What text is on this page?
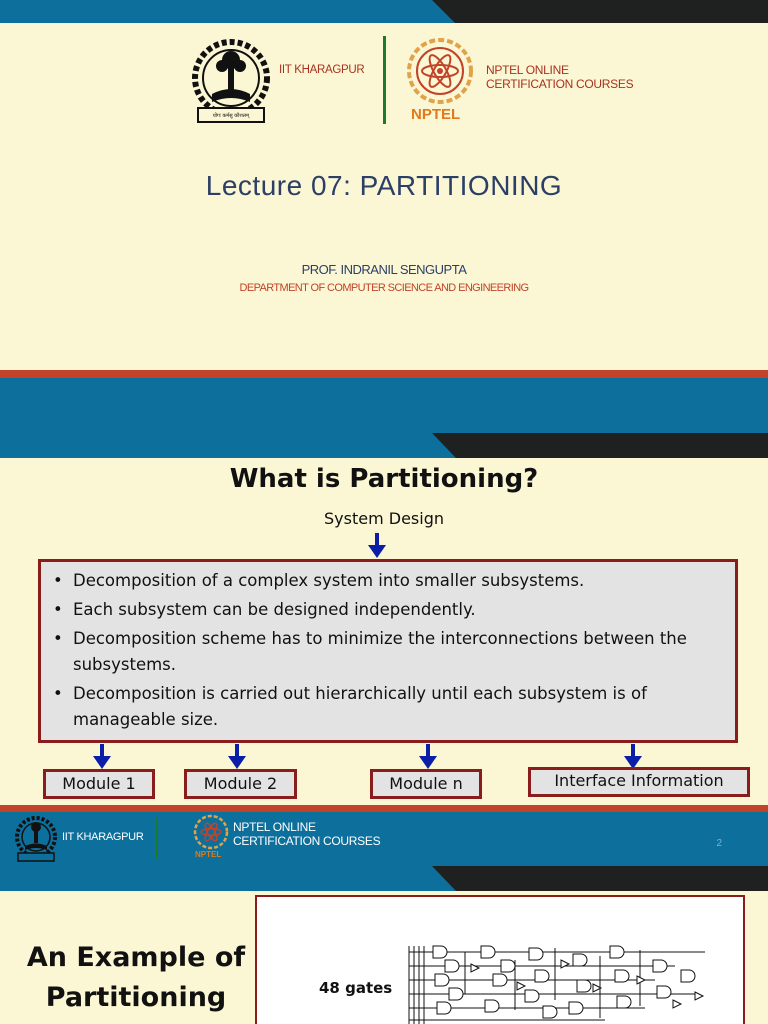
योगः कर्मसु कौशलम्
IIT KHARAGPUR
NPTEL
NPTEL ONLINE
CERTIFICATION COURSES
Lecture 07: PARTITIONING
PROF. INDRANIL SENGUPTA
DEPARTMENT OF COMPUTER SCIENCE AND ENGINEERING
What is Partitioning?
System Design
• Decomposition of a complex system into smaller subsystems.
• Each subsystem can be designed independently.
• Decomposition scheme has to minimize the interconnections between the subsystems.
• Decomposition is carried out hierarchically until each subsystem is of manageable size.
Module 1	Module 2	Module n	Interface Information
IIT KHARAGPUR
NPTEL
NPTEL ONLINE
CERTIFICATION COURSES	2
An Example of Partitioning	48 gates
